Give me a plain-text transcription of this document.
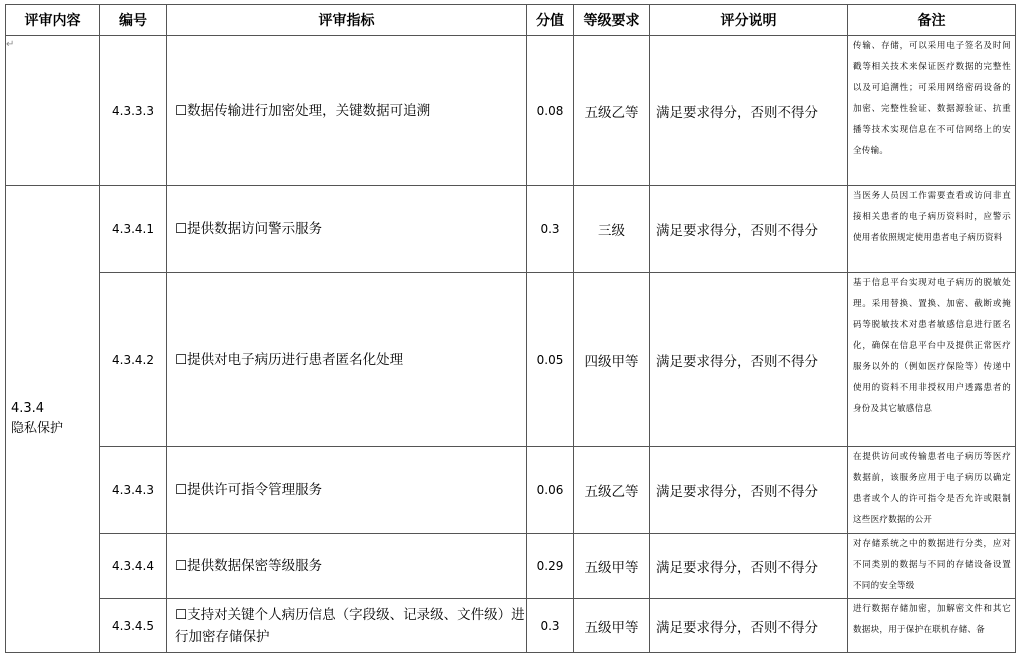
评审内容	编号	评审指标	分值	等级要求	评分说明	备注
↵	4.3.3.3	☐数据传输进行加密处理，关键数据可追溯	0.08	五级乙等	满足要求得分，否则不得分	传输、存储，可以采用电子签名及时间戳等相关技术来保证医疗数据的完整性以及可追溯性；可采用网络密码设备的加密、完整性验证、数据源验证、抗重播等技术实现信息在不可信网络上的安全传输。

4.3.4
隐私保护	4.3.4.1	☐提供数据访问警示服务	0.3	三级	满足要求得分，否则不得分	当医务人员因工作需要查看或访问非直接相关患者的电子病历资料时，应警示使用者依照规定使用患者电子病历资料
	4.3.4.2	☐提供对电子病历进行患者匿名化处理	0.05	四级甲等	满足要求得分，否则不得分	基于信息平台实现对电子病历的脱敏处理。采用替换、置换、加密、截断或掩码等脱敏技术对患者敏感信息进行匿名化，确保在信息平台中及提供正常医疗服务以外的（例如医疗保险等）传递中使用的资料不用非授权用户透露患者的身份及其它敏感信息
	4.3.4.3	☐提供许可指令管理服务	0.06	五级乙等	满足要求得分，否则不得分	在提供访问或传输患者电子病历等医疗数据前，该服务应用于电子病历以确定患者或个人的许可指令是否允许或限制这些医疗数据的公开
	4.3.4.4	☐提供数据保密等级服务	0.29	五级甲等	满足要求得分，否则不得分	对存储系统之中的数据进行分类，应对不同类别的数据与不同的存储设备设置不同的安全等级
	4.3.4.5	☐支持对关键个人病历信息（字段级、记录级、文件级）进行加密存储保护	0.3	五级甲等	满足要求得分，否则不得分	进行数据存储加密，加解密文件和其它数据块，用于保护在联机存储、备
